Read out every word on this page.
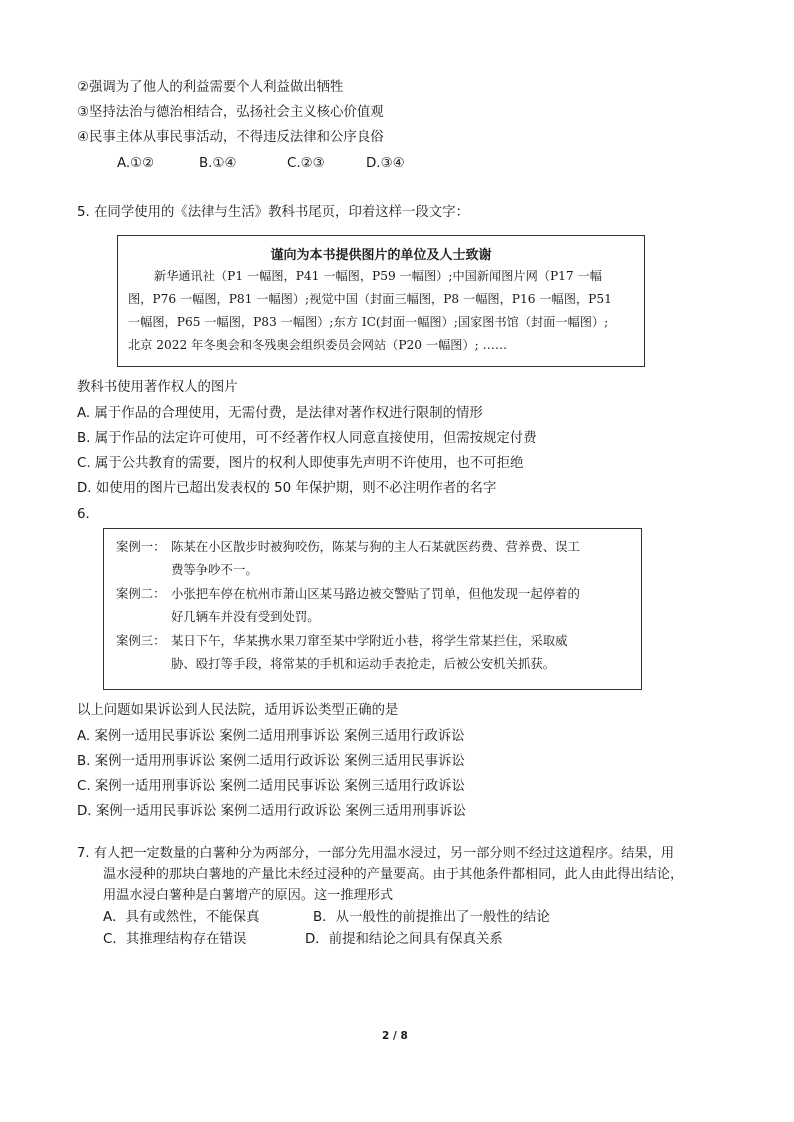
②强调为了他人的利益需要个人利益做出牺牲
③坚持法治与德治相结合，弘扬社会主义核心价值观
④民事主体从事民事活动，不得违反法律和公序良俗
A.①②	B.①④	C.②③	D.③④
5. 在同学使用的《法律与生活》教科书尾页，印着这样一段文字：
谨向为本书提供图片的单位及人士致谢
新华通讯社（P1 一幅图，P41 一幅图，P59 一幅图）;中国新闻图片网（P17 一幅
图，P76 一幅图，P81 一幅图）;视觉中国（封面三幅图，P8 一幅图，P16 一幅图，P51
一幅图，P65 一幅图，P83 一幅图）;东方 IC(封面一幅图）;国家图书馆（封面一幅图）;
北京 2022 年冬奥会和冬残奥会组织委员会网站（P20 一幅图）; ……
教科书使用著作权人的图片
A. 属于作品的合理使用，无需付费，是法律对著作权进行限制的情形
B. 属于作品的法定许可使用，可不经著作权人同意直接使用，但需按规定付费
C. 属于公共教育的需要，图片的权利人即使事先声明不许使用，也不可拒绝
D. 如使用的图片已超出发表权的 50 年保护期，则不必注明作者的名字
6.
案例一： 陈某在小区散步时被狗咬伤，陈某与狗的主人石某就医药费、营养费、误工
费等争吵不一。
案例二： 小张把车停在杭州市萧山区某马路边被交警贴了罚单，但他发现一起停着的
好几辆车并没有受到处罚。
案例三： 某日下午，华某携水果刀窜至某中学附近小巷，将学生常某拦住，采取威
胁、殴打等手段，将常某的手机和运动手表抢走，后被公安机关抓获。
以上问题如果诉讼到人民法院，适用诉讼类型正确的是
A. 案例一适用民事诉讼 案例二适用刑事诉讼 案例三适用行政诉讼
B. 案例一适用刑事诉讼 案例二适用行政诉讼 案例三适用民事诉讼
C. 案例一适用刑事诉讼 案例二适用民事诉讼 案例三适用行政诉讼
D. 案例一适用民事诉讼 案例二适用行政诉讼 案例三适用刑事诉讼
7. 有人把一定数量的白薯种分为两部分，一部分先用温水浸过，另一部分则不经过这道程序。结果，用
温水浸种的那块白薯地的产量比未经过浸种的产量要高。由于其他条件都相同，此人由此得出结论，
用温水浸白薯种是白薯增产的原因。这一推理形式
A．具有或然性，不能保真	B．从一般性的前提推出了一般性的结论
C．其推理结构存在错误	D．前提和结论之间具有保真关系
2 / 8
